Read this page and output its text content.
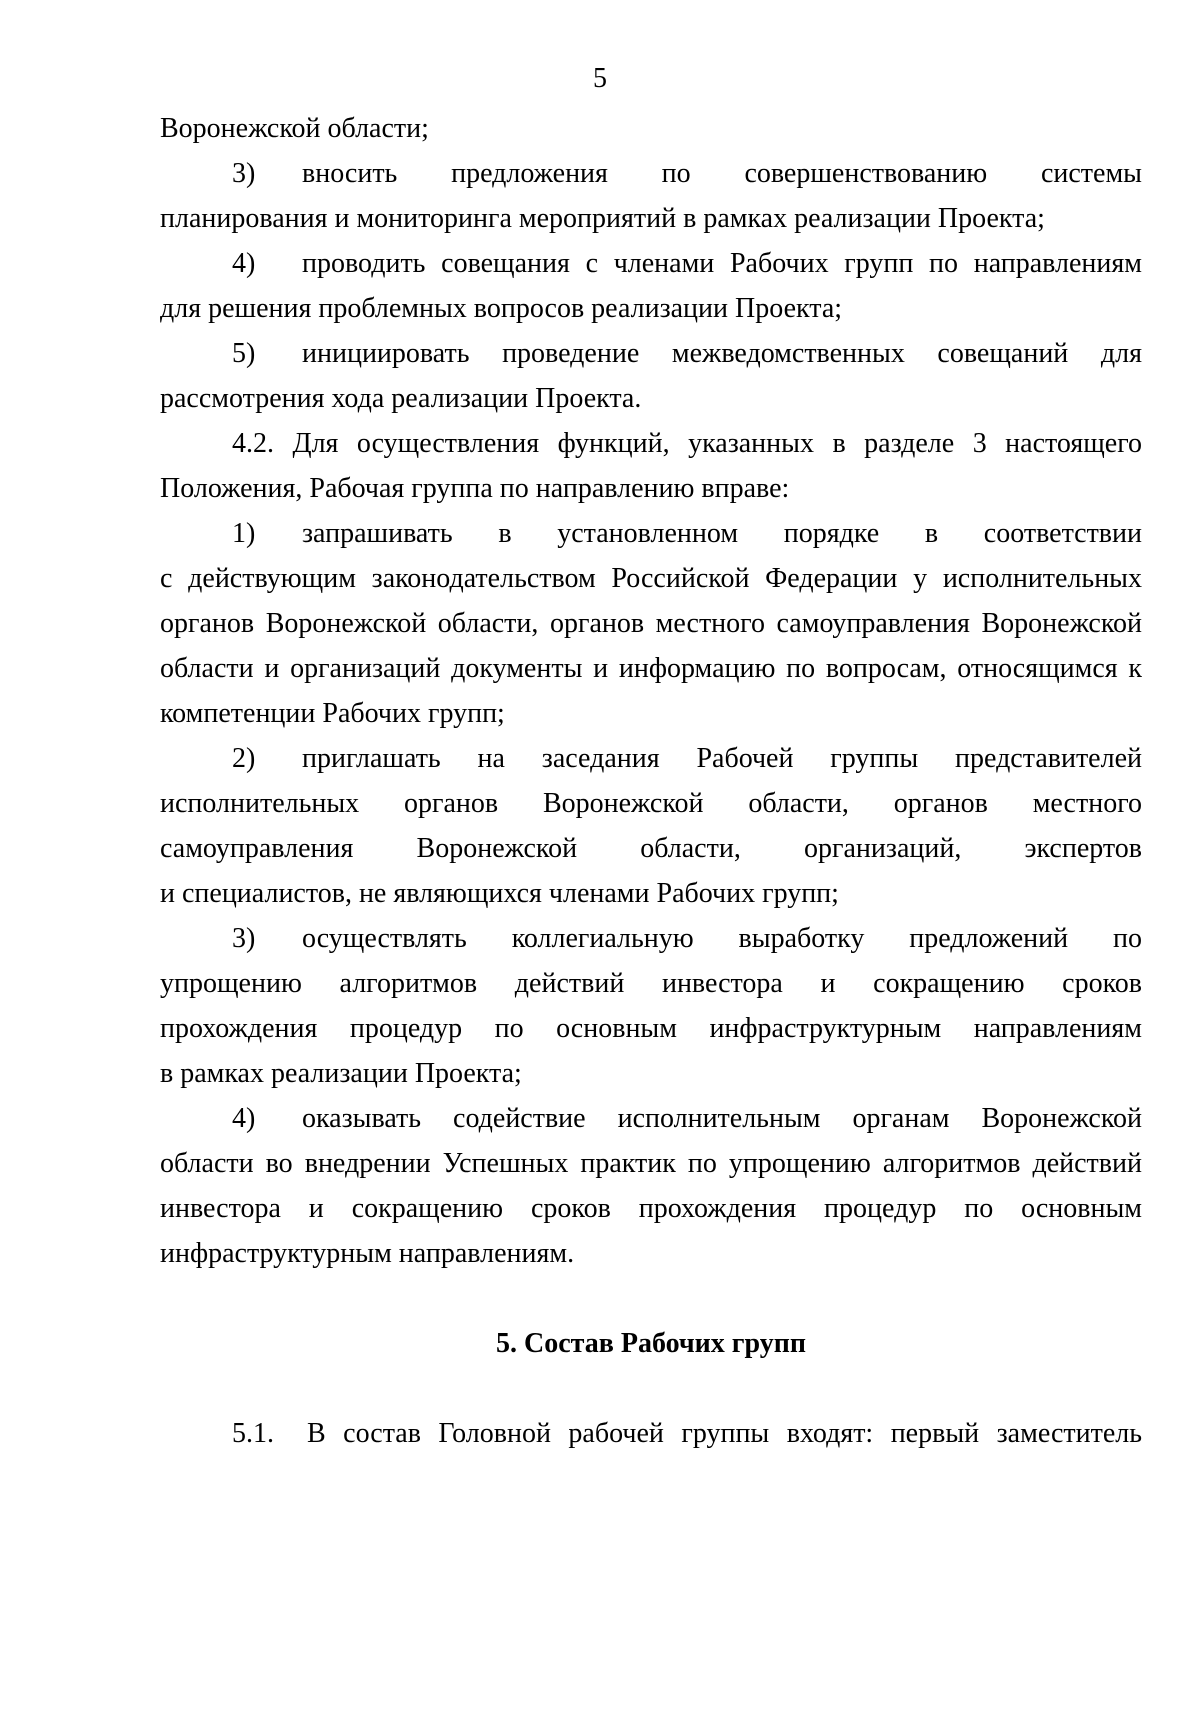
5
Воронежской области;
3) вносить предложения по совершенствованию системы
планирования и мониторинга мероприятий в рамках реализации Проекта;
4) проводить совещания с членами Рабочих групп по направлениям
для решения проблемных вопросов реализации Проекта;
5) инициировать проведение межведомственных совещаний для
рассмотрения хода реализации Проекта.
4.2. Для осуществления функций, указанных в разделе 3 настоящего
Положения, Рабочая группа по направлению вправе:
1) запрашивать в установленном порядке в соответствии
с действующим законодательством Российской Федерации у исполнительных
органов Воронежской области, органов местного самоуправления Воронежской
области и организаций документы и информацию по вопросам, относящимся к
компетенции Рабочих групп;
2) приглашать на заседания Рабочей группы представителей
исполнительных органов Воронежской области, органов местного
самоуправления Воронежской области, организаций, экспертов
и специалистов, не являющихся членами Рабочих групп;
3) осуществлять коллегиальную выработку предложений по
упрощению алгоритмов действий инвестора и сокращению сроков
прохождения процедур по основным инфраструктурным направлениям
в рамках реализации Проекта;
4) оказывать содействие исполнительным органам Воронежской
области во внедрении Успешных практик по упрощению алгоритмов действий
инвестора и сокращению сроков прохождения процедур по основным
инфраструктурным направлениям.
5. Состав Рабочих групп
5.1. В состав Головной рабочей группы входят: первый заместитель
